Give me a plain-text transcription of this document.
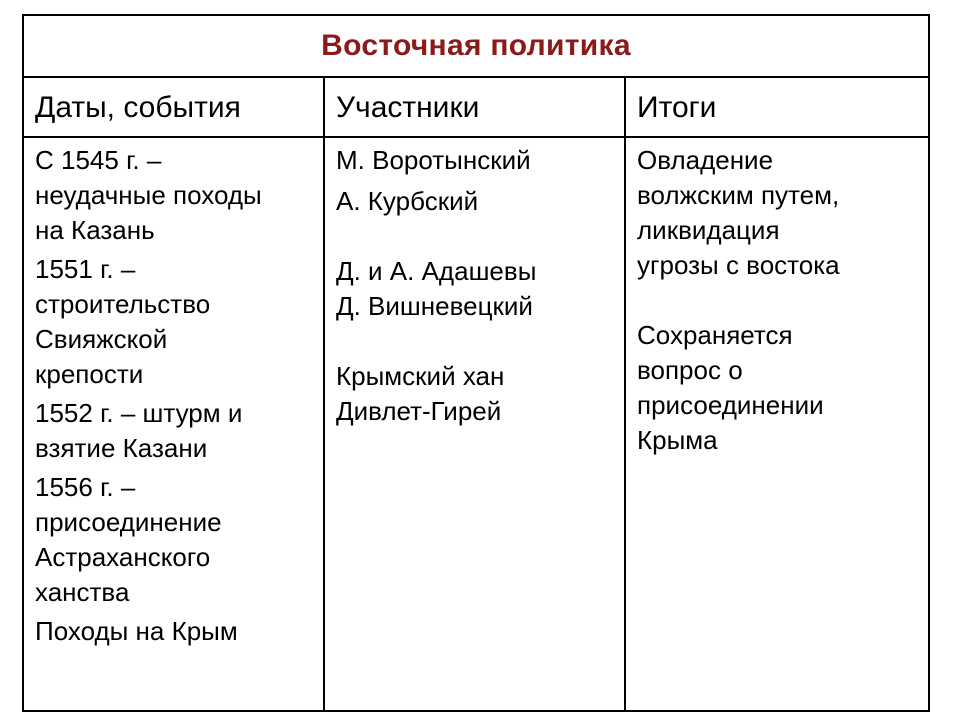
Восточная политика
Даты, события	Участники	Итоги
С 1545 г. –
неудачные походы
на Казань
1551 г. –
строительство
Свияжской
крепости
1552 г. – штурм и
взятие Казани
1556 г. –
присоединение
Астраханского
ханства
Походы на Крым
М. Воротынский
А. Курбский
Д. и А. Адашевы
Д. Вишневецкий
Крымский хан
Дивлет-Гирей
Овладение
волжским путем,
ликвидация
угрозы с востока
Сохраняется
вопрос о
присоединении
Крыма
